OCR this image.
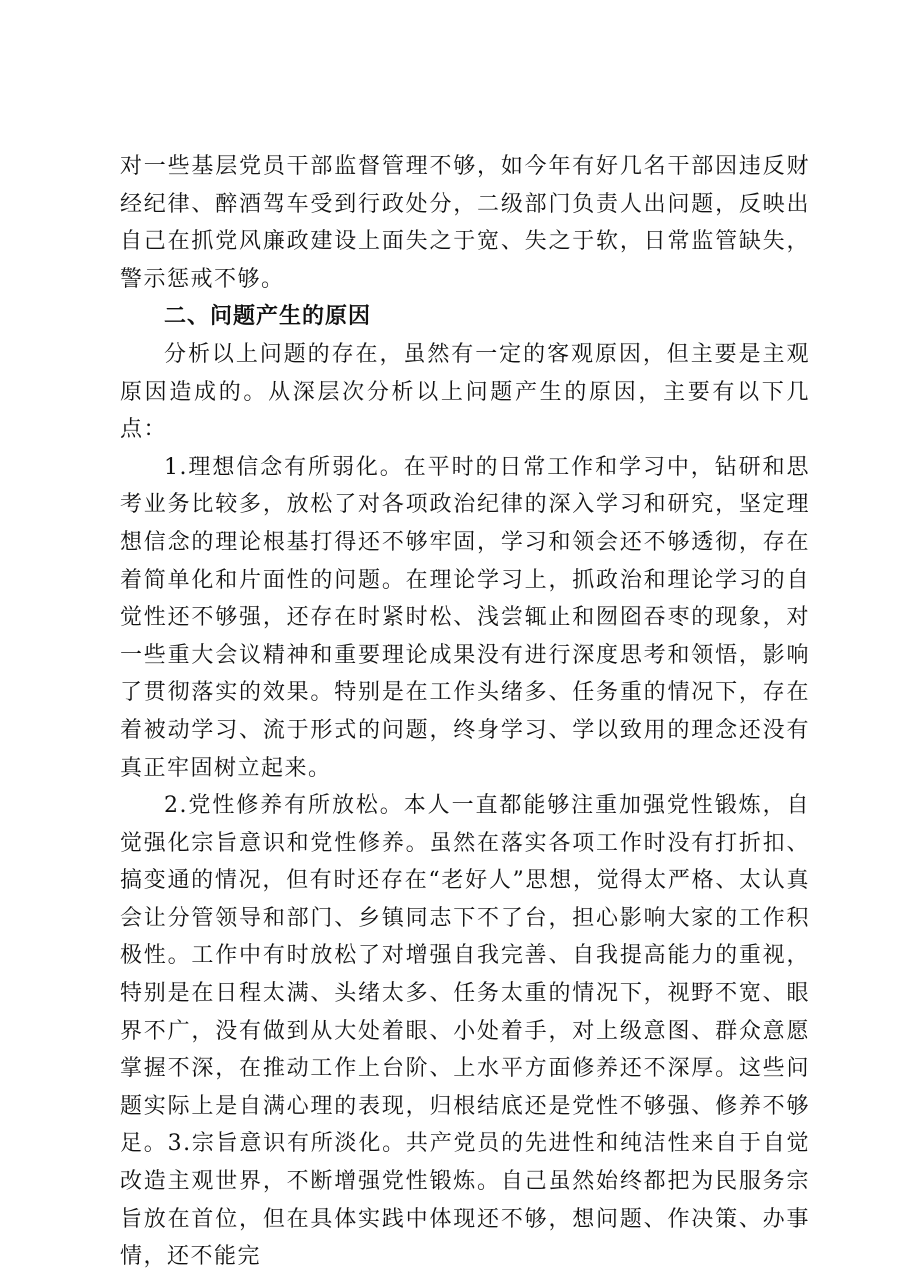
对一些基层党员干部监督管理不够，如今年有好几名干部因违反财经纪律、醉酒驾车受到行政处分，二级部门负责人出问题，反映出自己在抓党风廉政建设上面失之于宽、失之于软，日常监管缺失，警示惩戒不够。

二、问题产生的原因

分析以上问题的存在，虽然有一定的客观原因，但主要是主观原因造成的。从深层次分析以上问题产生的原因，主要有以下几点：

1.理想信念有所弱化。在平时的日常工作和学习中，钻研和思考业务比较多，放松了对各项政治纪律的深入学习和研究，坚定理想信念的理论根基打得还不够牢固，学习和领会还不够透彻，存在着简单化和片面性的问题。在理论学习上，抓政治和理论学习的自觉性还不够强，还存在时紧时松、浅尝辄止和囫囵吞枣的现象，对一些重大会议精神和重要理论成果没有进行深度思考和领悟，影响了贯彻落实的效果。特别是在工作头绪多、任务重的情况下，存在着被动学习、流于形式的问题，终身学习、学以致用的理念还没有真正牢固树立起来。

2.党性修养有所放松。本人一直都能够注重加强党性锻炼，自觉强化宗旨意识和党性修养。虽然在落实各项工作时没有打折扣、搞变通的情况，但有时还存在“老好人”思想，觉得太严格、太认真会让分管领导和部门、乡镇同志下不了台，担心影响大家的工作积极性。工作中有时放松了对增强自我完善、自我提高能力的重视，特别是在日程太满、头绪太多、任务太重的情况下，视野不宽、眼界不广，没有做到从大处着眼、小处着手，对上级意图、群众意愿掌握不深，在推动工作上台阶、上水平方面修养还不深厚。这些问题实际上是自满心理的表现，归根结底还是党性不够强、修养不够足。3.宗旨意识有所淡化。共产党员的先进性和纯洁性来自于自觉改造主观世界，不断增强党性锻炼。自己虽然始终都把为民服务宗旨放在首位，但在具体实践中体现还不够，想问题、作决策、办事情，还不能完
